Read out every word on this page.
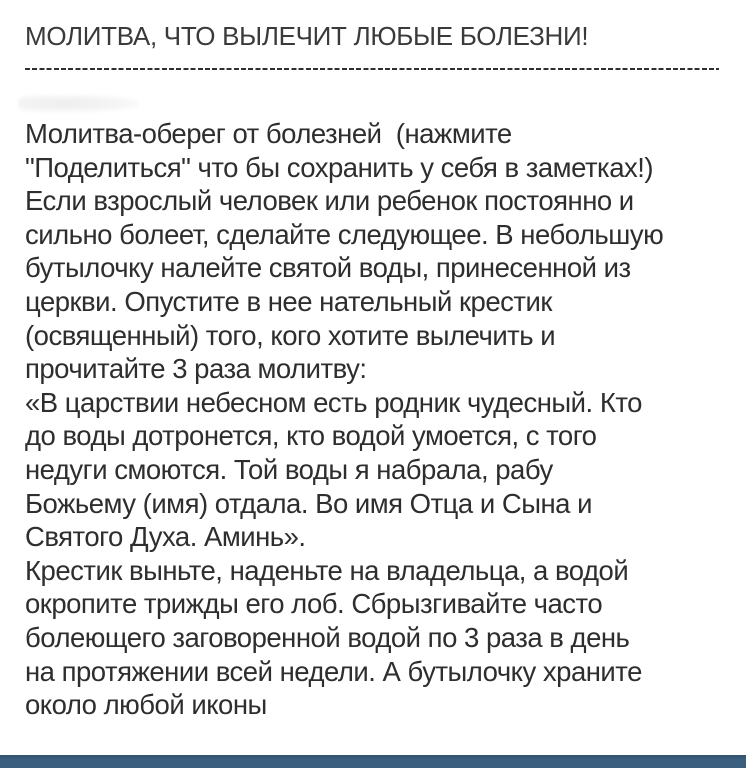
МОЛИТВА, ЧТО ВЫЛЕЧИТ ЛЮБЫЕ БОЛЕЗНИ!
Молитва-оберег от болезней  (нажмите
"Поделиться" что бы сохранить у себя в заметках!)
Если взрослый человек или ребенок постоянно и
сильно болеет, сделайте следующее. В небольшую
бутылочку налейте святой воды, принесенной из
церкви. Опустите в нее нательный крестик
(освященный) того, кого хотите вылечить и
прочитайте 3 раза молитву:
«В царствии небесном есть родник чудесный. Кто
до воды дотронется, кто водой умоется, с того
недуги смоются. Той воды я набрала, рабу
Божьему (имя) отдала. Во имя Отца и Сына и
Святого Духа. Аминь».
Крестик выньте, наденьте на владельца, а водой
окропите трижды его лоб. Сбрызгивайте часто
болеющего заговоренной водой по 3 раза в день
на протяжении всей недели. А бутылочку храните
около любой иконы
